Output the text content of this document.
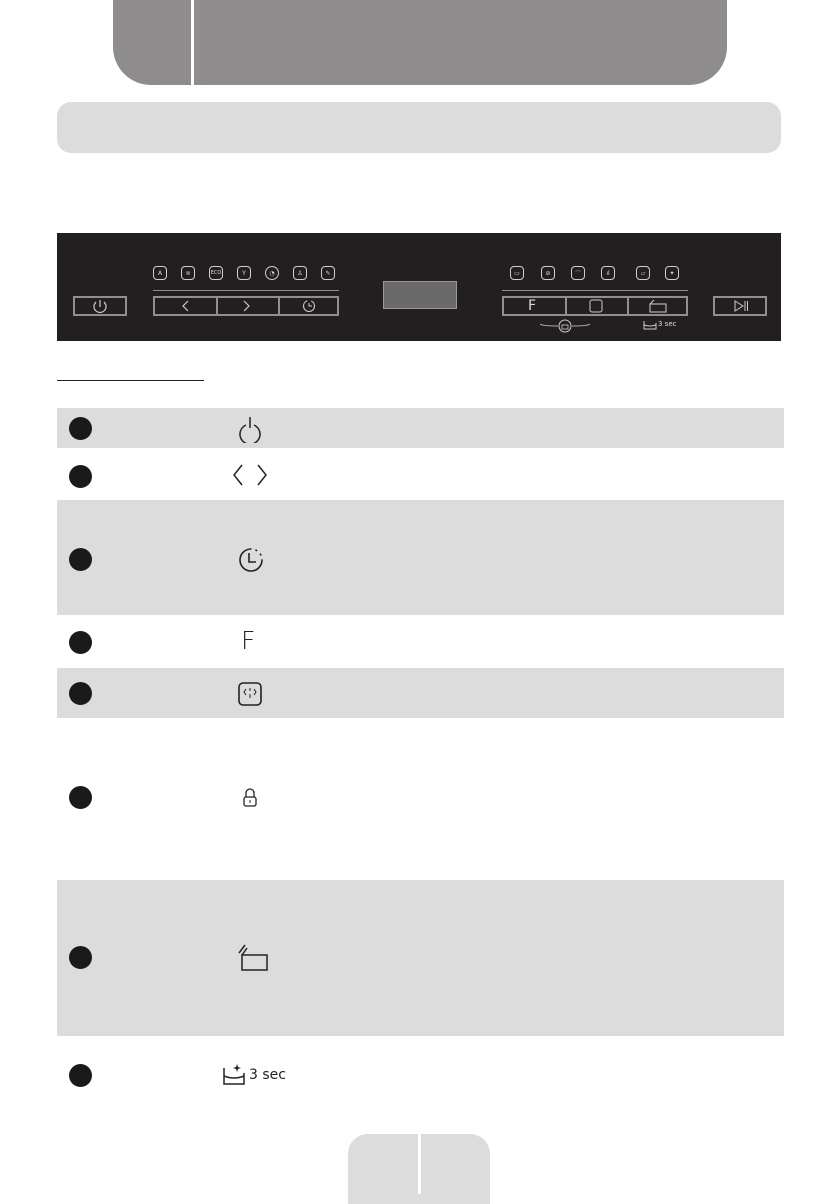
A	≋	ECO	Y	◔	♙	✎	▭	⊘	⌒	ıl	▱	✦
F
3 sec
F
3 sec
